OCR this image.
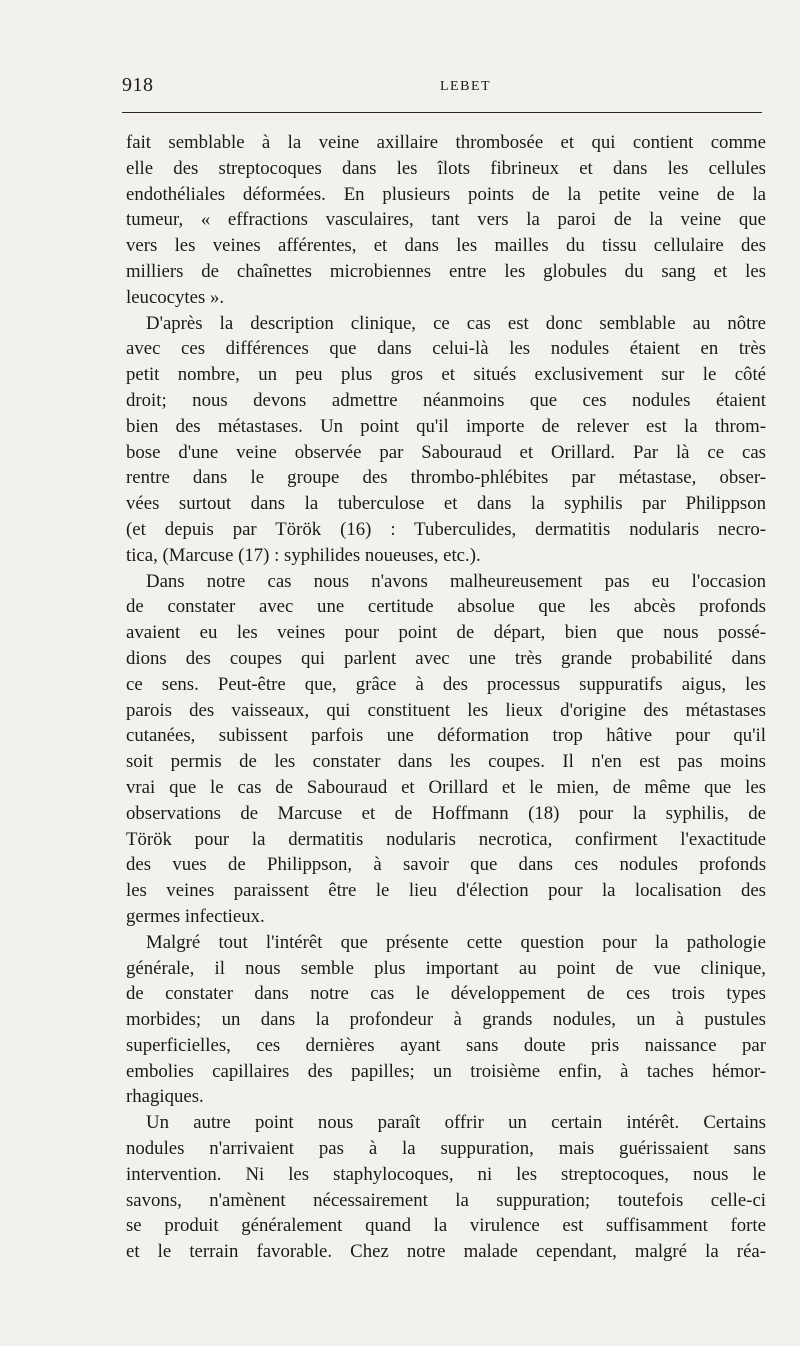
918	LEBET

fait semblable à la veine axillaire thrombosée et qui contient comme
elle des streptocoques dans les îlots fibrineux et dans les cellules
endothéliales déformées. En plusieurs points de la petite veine de la
tumeur, « effractions vasculaires, tant vers la paroi de la veine que
vers les veines afférentes, et dans les mailles du tissu cellulaire des
milliers de chaînettes microbiennes entre les globules du sang et les
leucocytes ».

D'après la description clinique, ce cas est donc semblable au nôtre
avec ces différences que dans celui-là les nodules étaient en très
petit nombre, un peu plus gros et situés exclusivement sur le côté
droit; nous devons admettre néanmoins que ces nodules étaient
bien des métastases. Un point qu'il importe de relever est la throm-
bose d'une veine observée par Sabouraud et Orillard. Par là ce cas
rentre dans le groupe des thrombo-phlébites par métastase, obser-
vées surtout dans la tuberculose et dans la syphilis par Philippson
(et depuis par Török (16) : Tuberculides, dermatitis nodularis necro-
tica, (Marcuse (17) : syphilides noueuses, etc.).

Dans notre cas nous n'avons malheureusement pas eu l'occasion
de constater avec une certitude absolue que les abcès profonds
avaient eu les veines pour point de départ, bien que nous possé-
dions des coupes qui parlent avec une très grande probabilité dans
ce sens. Peut-être que, grâce à des processus suppuratifs aigus, les
parois des vaisseaux, qui constituent les lieux d'origine des métastases
cutanées, subissent parfois une déformation trop hâtive pour qu'il
soit permis de les constater dans les coupes. Il n'en est pas moins
vrai que le cas de Sabouraud et Orillard et le mien, de même que les
observations de Marcuse et de Hoffmann (18) pour la syphilis, de
Török pour la dermatitis nodularis necrotica, confirment l'exactitude
des vues de Philippson, à savoir que dans ces nodules profonds
les veines paraissent être le lieu d'élection pour la localisation des
germes infectieux.

Malgré tout l'intérêt que présente cette question pour la pathologie
générale, il nous semble plus important au point de vue clinique,
de constater dans notre cas le développement de ces trois types
morbides; un dans la profondeur à grands nodules, un à pustules
superficielles, ces dernières ayant sans doute pris naissance par
embolies capillaires des papilles; un troisième enfin, à taches hémor-
rhagiques.

Un autre point nous paraît offrir un certain intérêt. Certains
nodules n'arrivaient pas à la suppuration, mais guérissaient sans
intervention. Ni les staphylocoques, ni les streptocoques, nous le
savons, n'amènent nécessairement la suppuration; toutefois celle-ci
se produit généralement quand la virulence est suffisamment forte
et le terrain favorable. Chez notre malade cependant, malgré la réa-
